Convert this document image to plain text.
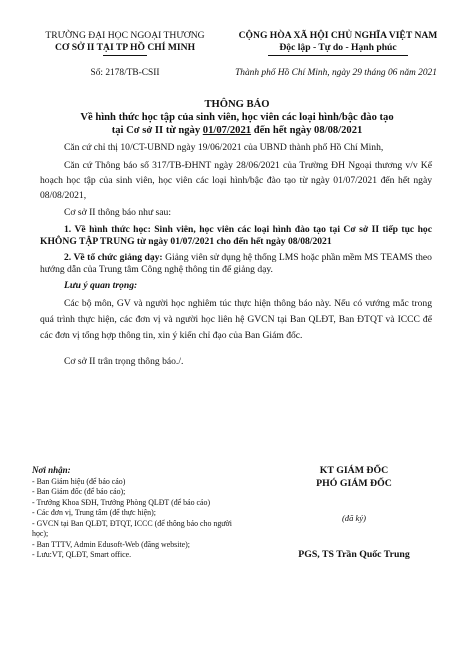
TRƯỜNG ĐẠI HỌC NGOẠI THƯƠNG
CƠ SỞ II TẠI TP HỒ CHÍ MINH
CỘNG HÒA XÃ HỘI CHỦ NGHĨA VIỆT NAM
Độc lập - Tự do - Hạnh phúc
Số: 2178/TB-CSII	Thành phố Hồ Chí Minh, ngày 29 tháng 06 năm 2021
THÔNG BÁO
Về hình thức học tập của sinh viên, học viên các loại hình/bậc đào tạo
tại Cơ sở II từ ngày 01/07/2021 đến hết ngày 08/08/2021
Căn cứ chỉ thị 10/CT-UBND ngày 19/06/2021 của UBND thành phố Hồ Chí Minh,
Căn cứ Thông báo số 317/TB-ĐHNT ngày 28/06/2021 của Trường ĐH Ngoại thương v/v Kế hoạch học tập của sinh viên, học viên các loại hình/bậc đào tạo từ ngày 01/07/2021 đến hết ngày 08/08/2021,
Cơ sở II thông báo như sau:
1. Về hình thức học: Sinh viên, học viên các loại hình đào tạo tại Cơ sở II tiếp tục học KHÔNG TẬP TRUNG từ ngày 01/07/2021 cho đến hết ngày 08/08/2021
2. Về tổ chức giảng dạy: Giảng viên sử dụng hệ thống LMS hoặc phần mềm MS TEAMS theo hướng dẫn của Trung tâm Công nghệ thông tin để giảng dạy.
Lưu ý quan trọng:
Các bộ môn, GV và người học nghiêm túc thực hiện thông báo này. Nếu có vướng mắc trong quá trình thực hiện, các đơn vị và người học liên hệ GVCN tại Ban QLĐT, Ban ĐTQT và ICCC để các đơn vị tổng hợp thông tin, xin ý kiến chỉ đạo của Ban Giám đốc.
Cơ sở II trân trọng thông báo./.
Nơi nhận:
- Ban Giám hiệu (để báo cáo)
- Ban Giám đốc (để báo cáo);
- Trưởng Khoa SĐH, Trưởng Phòng QLĐT (để báo cáo)
- Các đơn vị, Trung tâm (để thực hiện);
- GVCN tại Ban QLĐT, ĐTQT, ICCC (để thông báo cho người học);
- Ban TTTV, Admin Edusoft-Web (đăng website);
- Lưu:VT, QLĐT, Smart office.
KT GIÁM ĐỐC
PHÓ GIÁM ĐỐC
(đã ký)
PGS, TS Trần Quốc Trung
